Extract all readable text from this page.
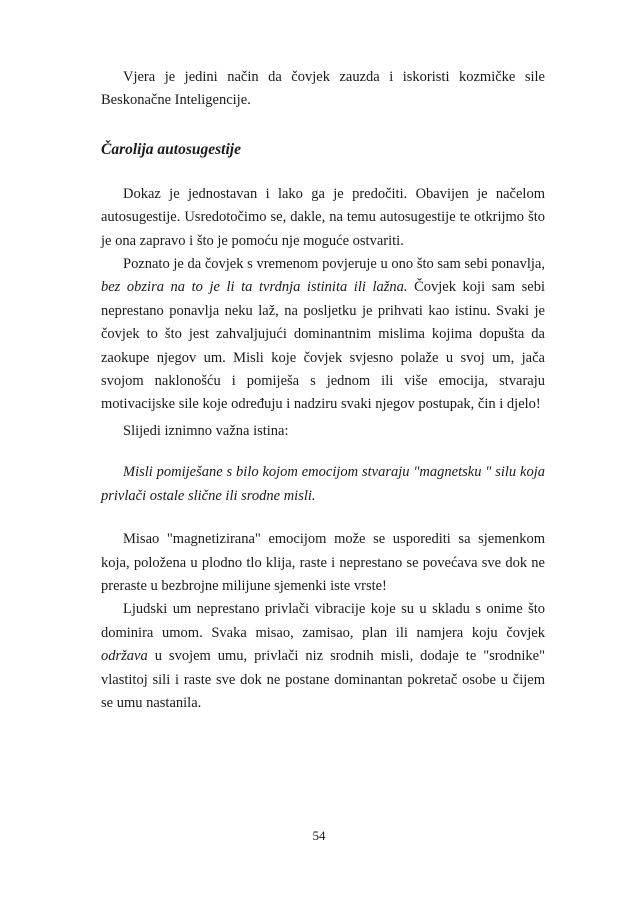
Vjera je jedini način da čovjek zauzda i iskoristi kozmičke sile Beskonačne Inteligencije.

Čarolija autosugestije

Dokaz je jednostavan i lako ga je predočiti. Obavijen je načelom autosugestije. Usredotočimo se, dakle, na temu autosugestije te otkrijmo što je ona zapravo i što je pomoću nje moguće ostvariti.

Poznato je da čovjek s vremenom povjeruje u ono što sam sebi ponavlja, bez obzira na to je li ta tvrdnja istinita ili lažna. Čovjek koji sam sebi neprestano ponavlja neku laž, na posljetku je prihvati kao istinu. Svaki je čovjek to što jest zahvaljujući dominantnim mislima kojima dopušta da zaokupe njegov um. Misli koje čovjek svjesno polaže u svoj um, jača svojom naklonošću i pomiješa s jednom ili više emocija, stvaraju motivacijske sile koje određuju i nadziru svaki njegov postupak, čin i djelo!

Slijedi iznimno važna istina:

Misli pomiješane s bilo kojom emocijom stvaraju "magnetsku " silu koja privlači ostale slične ili srodne misli.

Misao "magnetizirana" emocijom može se usporediti sa sjemenkom koja, položena u plodno tlo klija, raste i neprestano se povećava sve dok ne preraste u bezbrojne milijune sjemenki iste vrste!

Ljudski um neprestano privlači vibracije koje su u skladu s onime što dominira umom. Svaka misao, zamisao, plan ili namjera koju čovjek održava u svojem umu, privlači niz srodnih misli, dodaje te "srodnike" vlastitoj sili i raste sve dok ne postane dominantan pokretač osobe u čijem se umu nastanila.

54
